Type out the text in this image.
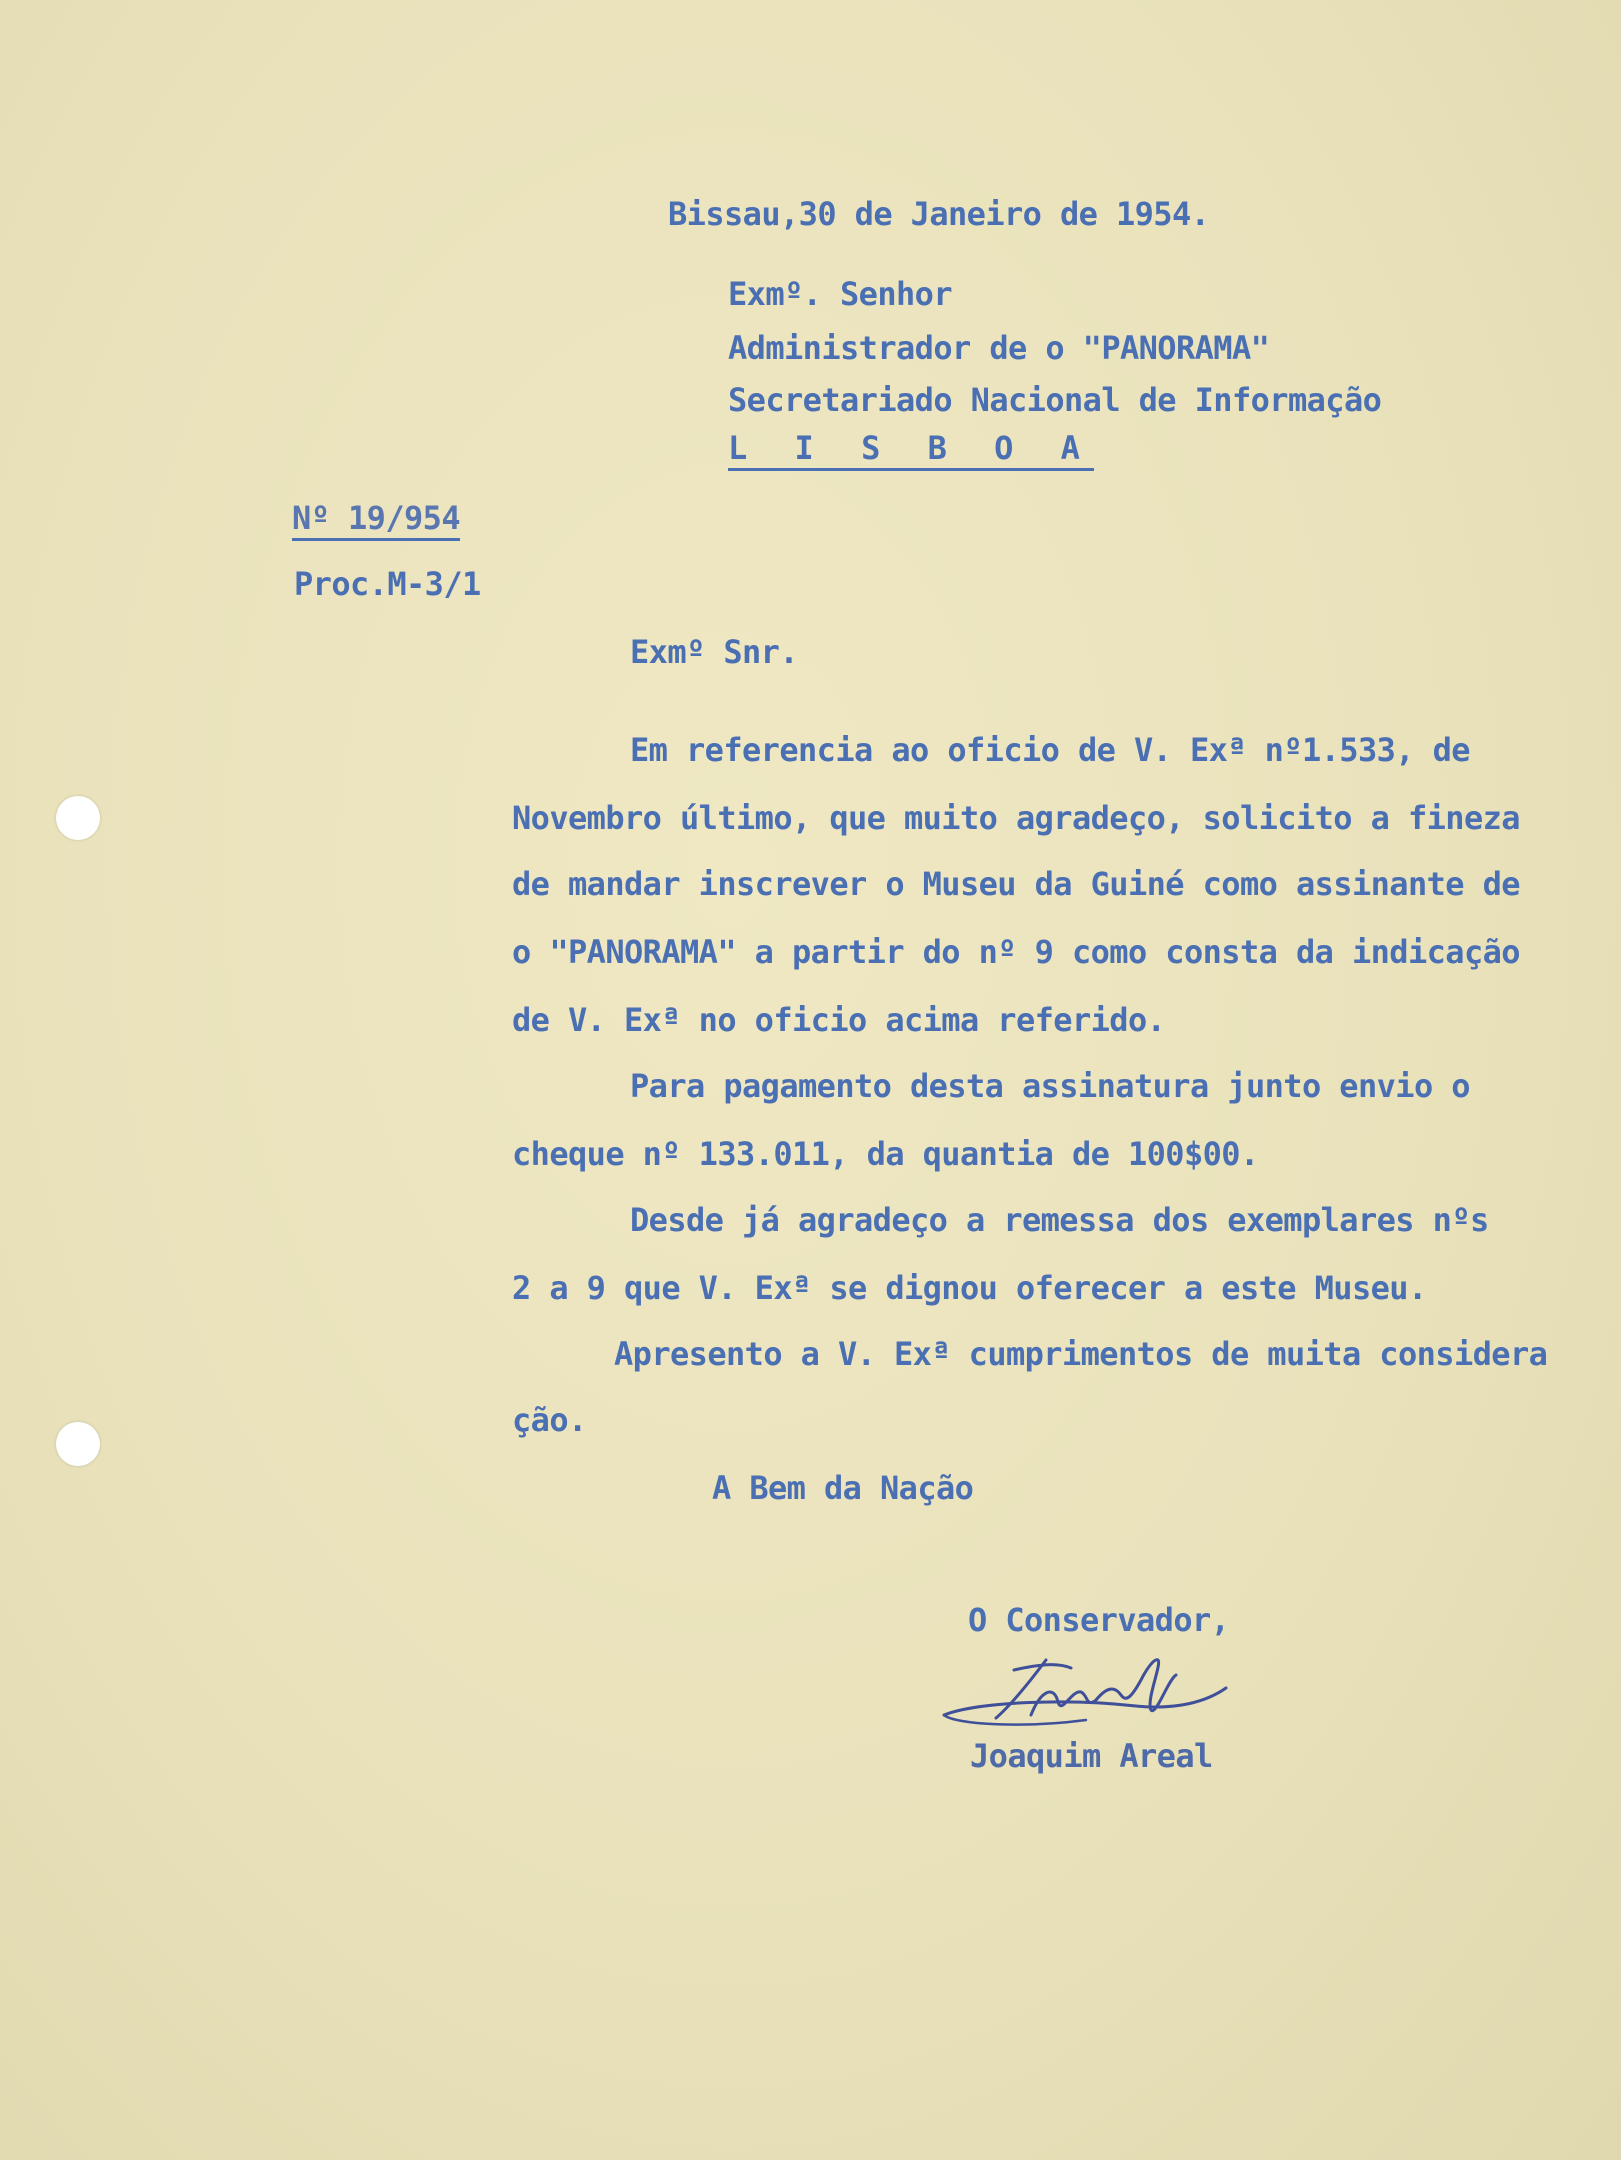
Bissau,30 de Janeiro de 1954.
Exmº. Senhor
Administrador de o "PANORAMA"
Secretariado Nacional de Informação
L I S B O A
Nº 19/954
Proc.M-3/1
Exmº Snr.
Em referencia ao oficio de V. Exª nº1.533, de
Novembro último, que muito agradeço, solicito a fineza
de mandar inscrever o Museu da Guiné como assinante de
o "PANORAMA" a partir do nº 9 como consta da indicação
de V. Exª no oficio acima referido.
Para pagamento desta assinatura junto envio o
cheque nº 133.011, da quantia de 100$00.
Desde já agradeço a remessa dos exemplares nºs
2 a 9 que V. Exª se dignou oferecer a este Museu.
Apresento a V. Exª cumprimentos de muita considera
ção.
A Bem da Nação
O Conservador,
Joaquim Areal
